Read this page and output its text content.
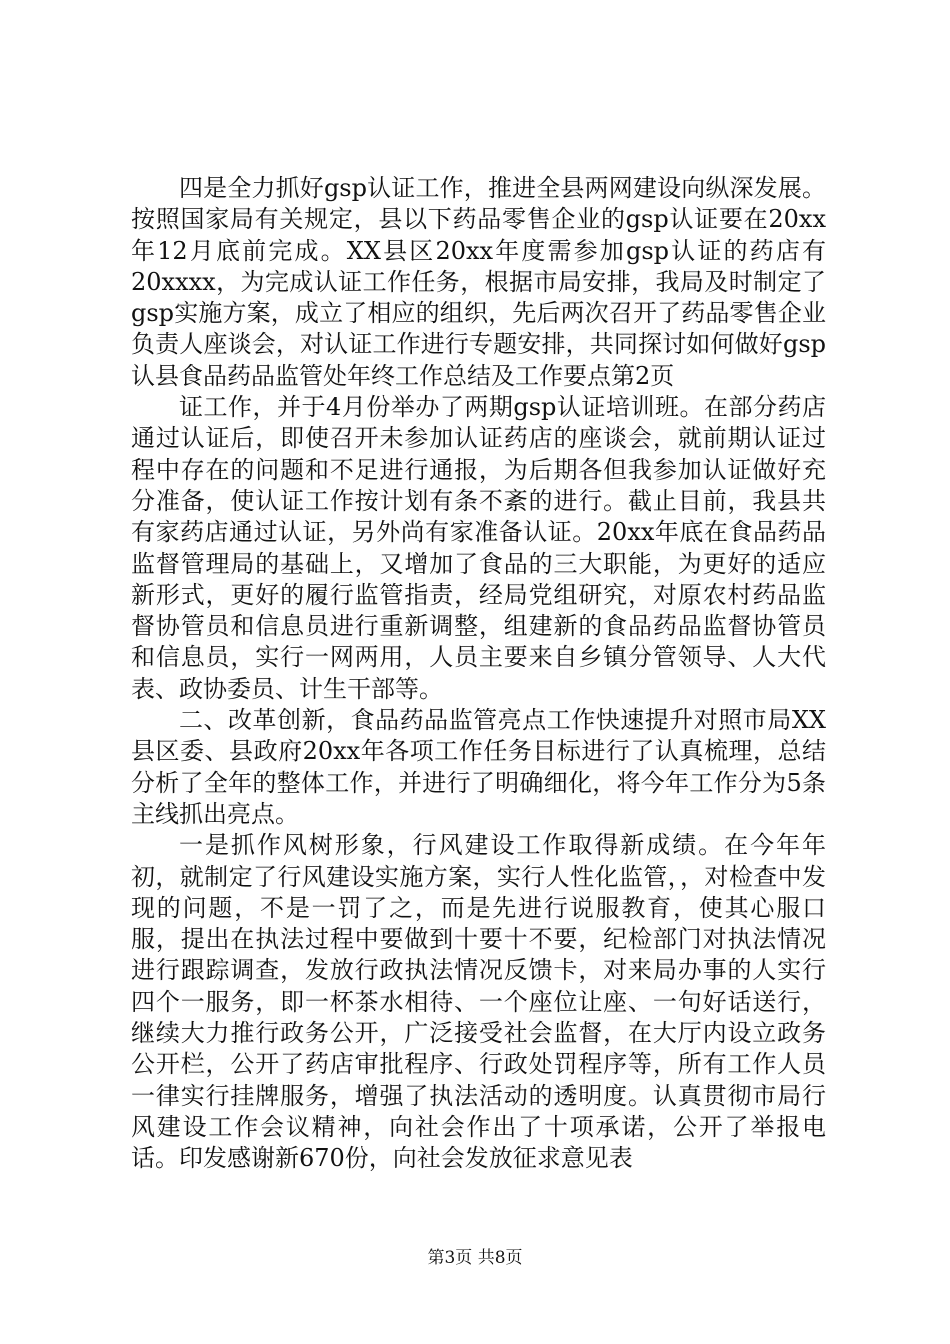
四是全力抓好gsp认证工作，推进全县两网建设向纵深发展。按照国家局有关规定，县以下药品零售企业的gsp认证要在20xx年12月底前完成。XX县区20xx年度需参加gsp认证的药店有20xxxx，为完成认证工作任务，根据市局安排，我局及时制定了gsp实施方案，成立了相应的组织，先后两次召开了药品零售企业负责人座谈会，对认证工作进行专题安排，共同探讨如何做好gsp认县食品药品监管处年终工作总结及工作要点第2页

证工作，并于4月份举办了两期gsp认证培训班。在部分药店通过认证后，即使召开未参加认证药店的座谈会，就前期认证过程中存在的问题和不足进行通报，为后期各但我参加认证做好充分准备，使认证工作按计划有条不紊的进行。截止目前，我县共有家药店通过认证，另外尚有家准备认证。20xx年底在食品药品监督管理局的基础上，又增加了食品的三大职能，为更好的适应新形式，更好的履行监管指责，经局党组研究，对原农村药品监督协管员和信息员进行重新调整，组建新的食品药品监督协管员和信息员，实行一网两用，人员主要来自乡镇分管领导、人大代表、政协委员、计生干部等。

二、改革创新，食品药品监管亮点工作快速提升对照市局XX县区委、县政府20xx年各项工作任务目标进行了认真梳理，总结分析了全年的整体工作，并进行了明确细化，将今年工作分为5条主线抓出亮点。

一是抓作风树形象，行风建设工作取得新成绩。在今年年初，就制定了行风建设实施方案，实行人性化监管，，对检查中发现的问题，不是一罚了之，而是先进行说服教育，使其心服口服，提出在执法过程中要做到十要十不要，纪检部门对执法情况进行跟踪调查，发放行政执法情况反馈卡，对来局办事的人实行四个一服务，即一杯茶水相待、一个座位让座、一句好话送行，继续大力推行政务公开，广泛接受社会监督，在大厅内设立政务公开栏，公开了药店审批程序、行政处罚程序等，所有工作人员一律实行挂牌服务，增强了执法活动的透明度。认真贯彻市局行风建设工作会议精神，向社会作出了十项承诺，公开了举报电话。印发感谢新670份，向社会发放征求意见表

第3页 共8页
